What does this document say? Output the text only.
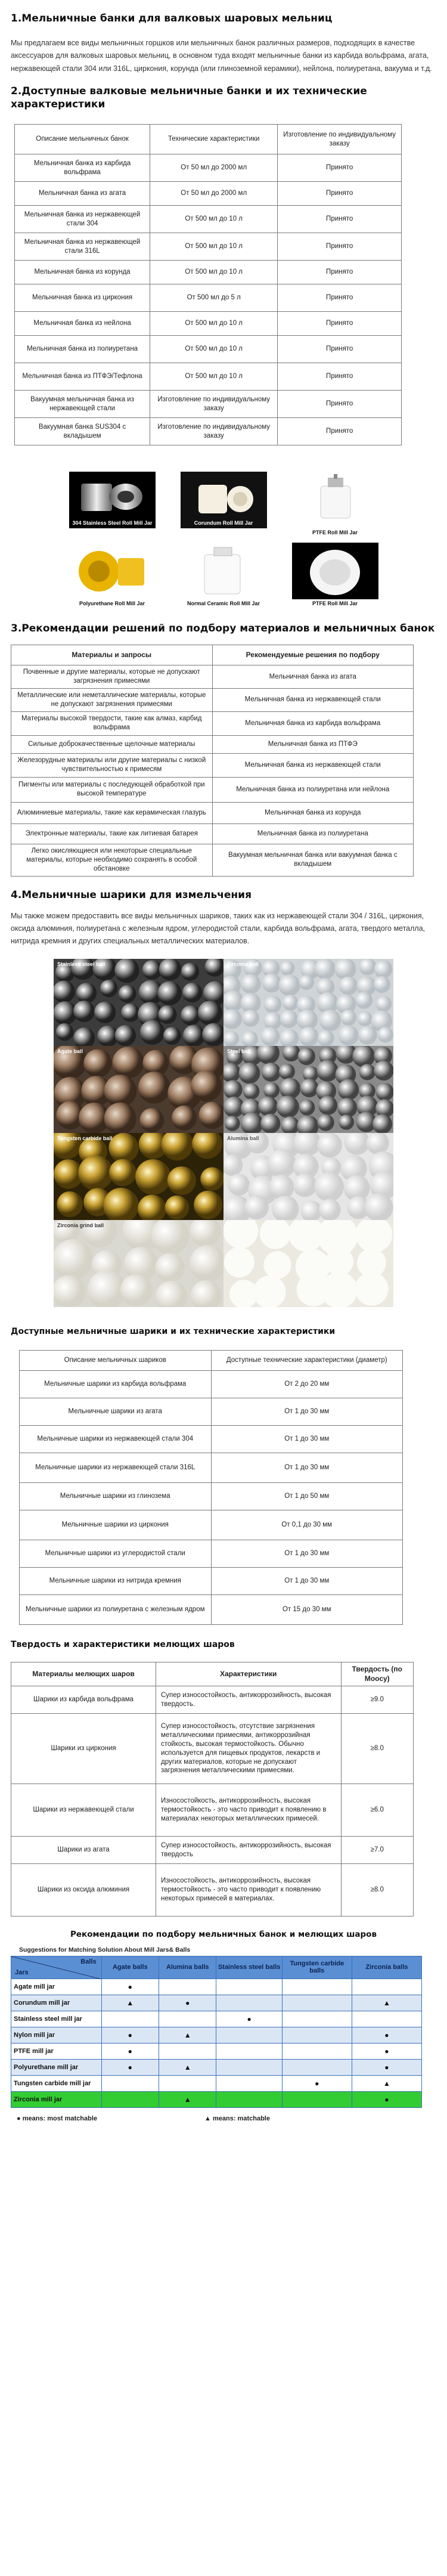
1.Мельничные банки для валковых шаровых мельниц

Мы предлагаем все виды мельничных горшков или мельничных банок различных размеров, подходящих в качестве аксессуаров для валковых шаровых мельниц, в основном туда входят мельничные банки из карбида вольфрама, агата, нержавеющей стали 304 или 316L, циркония, корунда (или глиноземной керамики), нейлона, полиуретана, вакуума и т.д.

2.Доступные валковые мельничные банки и их технические характеристики
Описание мельничных банок	Технические характеристики	Изготовление по индивидуальному заказу
Мельничная банка из карбида вольфрама	От 50 мл до 2000 мл	Принято
Мельничная банка из агата	От 50 мл до 2000 мл	Принято
Мельничная банка из нержавеющей стали 304	От 500 мл до 10 л	Принято
Мельничная банка из нержавеющей стали 316L	От 500 мл до 10 л	Принято
Мельничная банка из корунда	От 500 мл до 10 л	Принято
Мельничная банка из циркония	От 500 мл до 5 л	Принято
Мельничная банка из нейлона	От 500 мл до 10 л	Принято
Мельничная банка из полиуретана	От 500 мл до 10 л	Принято
Мельничная банка из ПТФЭ/Тефлона	От 500 мл до 10 л	Принято
Вакуумная мельничная банка из нержавеющей стали	Изготовление по индивидуальному заказу	Принято
Вакуумная банка SUS304 с вкладышем	Изготовление по индивидуальному заказу	Принято
304 Stainless Steel Roll Mill Jar	Corundum Roll Mill Jar
PTFE Roll Mill Jar
Polyurethane Roll Mill Jar	Normal Ceramic Roll Mill Jar	PTFE Roll Mill Jar
3.Рекомендации решений по подбору материалов и мельничных банок
Материалы и запросы	Рекомендуемые решения по подбору
Почвенные и другие материалы, которые не допускают загрязнения примесями	Мельничная банка из агата
Металлические или неметаллические материалы, которые не допускают загрязнения примесями	Мельничная банка из нержавеющей стали
Материалы высокой твердости, такие как алмаз, карбид вольфрама	Мельничная банка из карбида вольфрама
Сильные доброкачественные щелочные материалы	Мельничная банка из ПТФЭ
Железорудные материалы или другие материалы с низкой чувствительностью к примесям	Мельничная банка из нержавеющей стали
Пигменты или материалы с последующей обработкой при высокой температуре	Мельничная банка из полиуретана или нейлона
Алюминиевые материалы, такие как керамическая глазурь	Мельничная банка из корунда
Электронные материалы, такие как литиевая батарея	Мельничная банка из полиуретана
Легко окисляющиеся или некоторые специальные материалы, которые необходимо сохранять в особой обстановке	Вакуумная мельничная банка или вакуумная банка с вкладышем
4.Мельничные шарики для измельчения

Мы также можем предоставить все виды мельничных шариков, таких как из нержавеющей стали 304 / 316L, циркония, оксида алюминия, полиуретана с железным ядром, углеродистой стали, карбида вольфрама, агата, твердого металла, нитрида кремния и других специальных металлических материалов.

Stainless steel ball	Zirconia ball
Agate ball	Steel ball
Tungsten carbide ball	Alumina ball
Zirconia grind ball
Доступные мельничные шарики и их технические характеристики
Описание мельничных шариков	Доступные технические характеристики (диаметр)
Мельничные шарики из карбида вольфрама	От 2 до 20 мм
Мельничные шарики из агата	От 1 до 30 мм
Мельничные шарики из нержавеющей стали 304	От 1 до 30 мм
Мельничные шарики из нержавеющей стали 316L	От 1 до 30 мм
Мельничные шарики из глинозема	От 1 до 50 мм
Мельничные шарики из циркония	От 0,1 до 30 мм
Мельничные шарики из углеродистой стали	От 1 до 30 мм
Мельничные шарики из нитрида кремния	От 1 до 30 мм
Мельничные шарики из полиуретана с железным ядром	От 15 до 30 мм
Твердость и характеристики мелющих шаров
Материалы мелющих шаров	Характеристики	Твердость (по Моосу)
Шарики из карбида вольфрама	Супер износостойкость, антикоррозийность, высокая твердость.	≥9.0
Шарики из циркония	Супер износостойкость, отсутствие загрязнения металлическими примесями, антикоррозийная стойкость, высокая термостойкость. Обычно используется для пищевых продуктов, лекарств и других материалов, которые не допускают загрязнения металлическими примесями.	≥8.0
Шарики из нержавеющей стали	Износостойкость, антикоррозийность, высокая термостойкость - это часто приводит к появлению в материалах некоторых металлических примесей.	≥6.0
Шарики из агата	Супер износостойкость, антикоррозийность, высокая твердость	≥7.0
Шарики из оксида алюминия	Износостойкость, антикоррозийность, высокая термостойкость - это часто приводит к появлению некоторых примесей в материалах.	≥8.0
Рекомендации по подбору мельничных банок и мелющих шаров
Suggestions for Matching Solution About Mill Jars& Balls
Balls
Jars	Agate balls	Alumina balls	Stainless steel balls	Tungsten carbide balls	Zirconia balls
Agate mill jar	●				
Corundum mill jar	▲	●			▲
Stainless steel mill jar			●		
Nylon mill jar	●	▲			●
PTFE mill jar	●				●
Polyurethane mill jar	●	▲			●
Tungsten carbide mill jar				●	▲
Zirconia mill jar		▲			●
● means: most matchable	▲ means: matchable
